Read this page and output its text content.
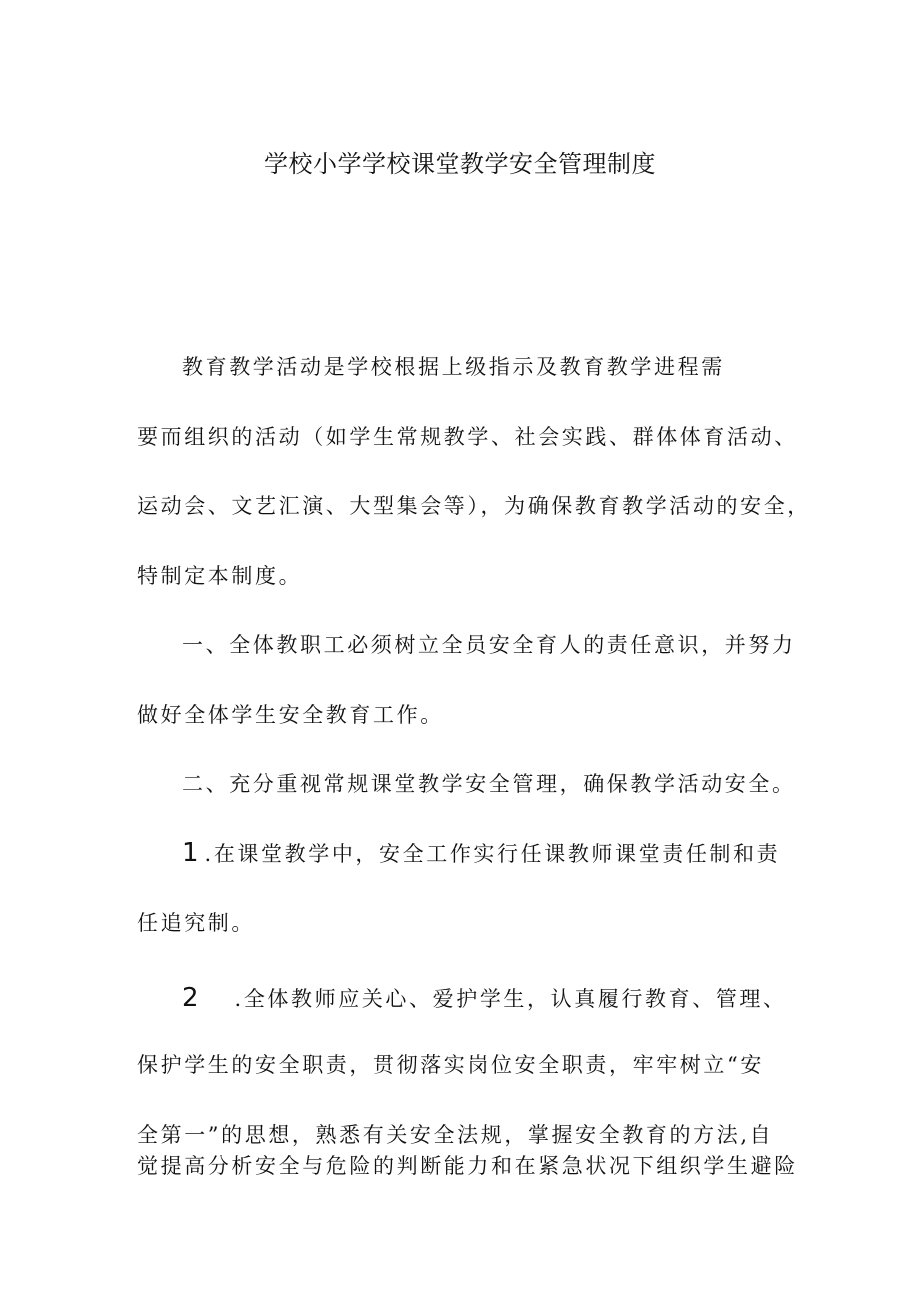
学校小学学校课堂教学安全管理制度
教育教学活动是学校根据上级指示及教育教学进程需
要而组织的活动（如学生常规教学、社会实践、群体体育活动、
运动会、文艺汇演、大型集会等），为确保教育教学活动的安全，
特制定本制度。
一、全体教职工必须树立全员安全育人的责任意识，并努力
做好全体学生安全教育工作。
二、充分重视常规课堂教学安全管理，确保教学活动安全。
1 .在课堂教学中，安全工作实行任课教师课堂责任制和责
任追究制。
2 .全体教师应关心、爱护学生，认真履行教育、管理、
保护学生的安全职责，贯彻落实岗位安全职责，牢牢树立“安
全第一”的思想，熟悉有关安全法规，掌握安全教育的方法,自
觉提高分析安全与危险的判断能力和在紧急状况下组织学生避险
